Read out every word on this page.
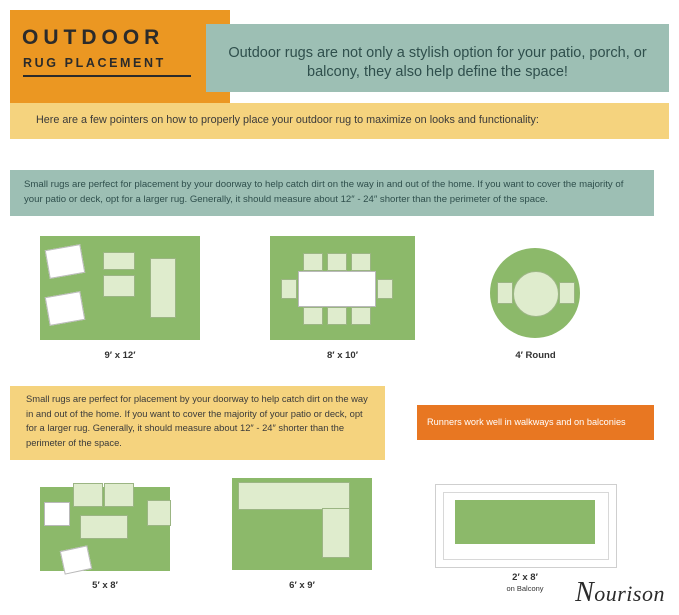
OUTDOOR
RUG PLACEMENT
Outdoor rugs are not only a stylish option for your patio, porch, or balcony, they also help define the space!
Here are a few pointers on how to properly place your outdoor rug to maximize on looks and functionality:
Small rugs are perfect for placement by your doorway to help catch dirt on the way in and out of the home. If you want to cover the majority of your patio or deck, opt for a larger rug. Generally, it should measure about 12″ - 24″ shorter than the perimeter of the space.
9′ x 12′	8′ x 10′	4′ Round
Small rugs are perfect for placement by your doorway to help catch dirt on the way in and out of the home. If you want to cover the majority of your patio or deck, opt for a larger rug. Generally, it should measure about 12″ - 24″ shorter than the perimeter of the space.
Runners work well in walkways and on balconies
5′ x 8′	6′ x 9′
2′ x 8′
on Balcony	Nourison
